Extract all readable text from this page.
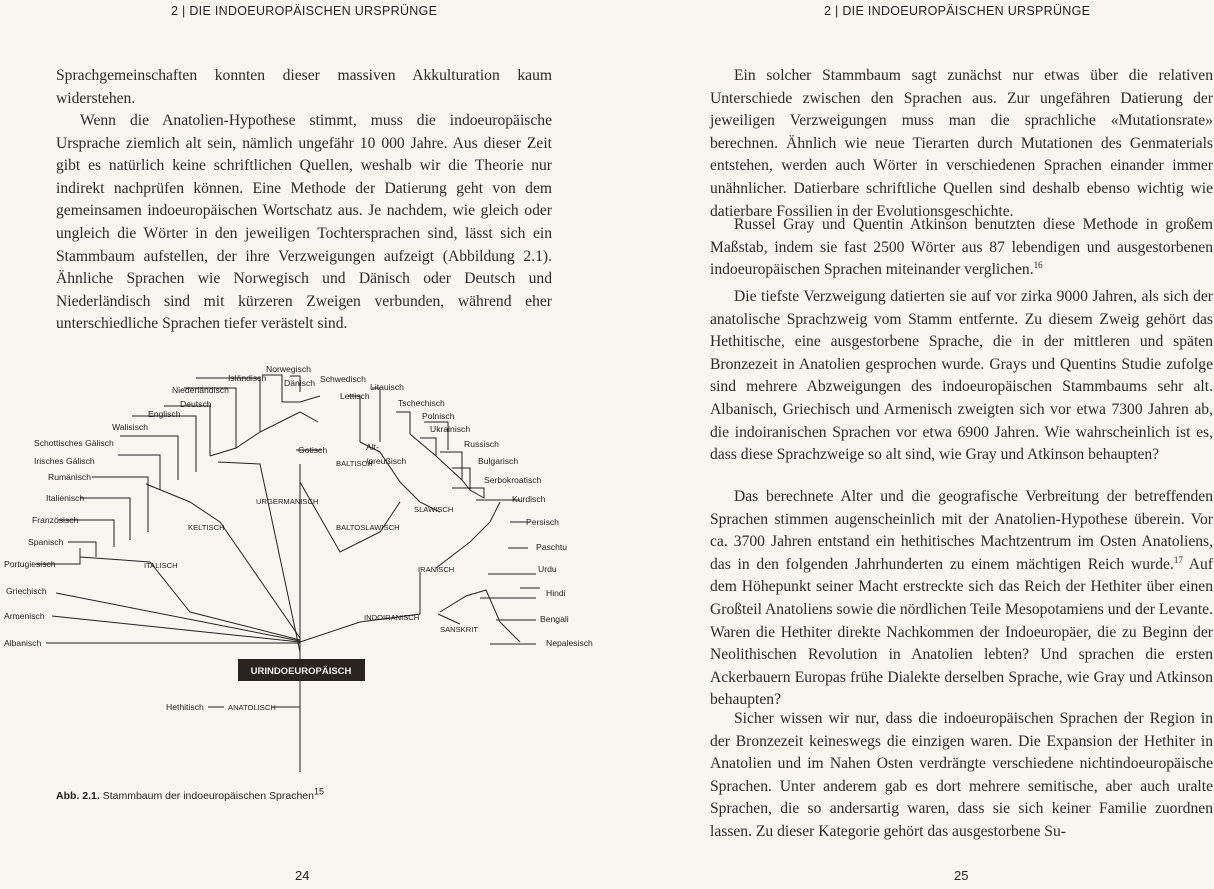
2 | DIE INDOEUROPÄISCHEN URSPRÜNGE

Sprachgemeinschaften konnten dieser massiven Akkulturation kaum widerstehen.

Wenn die Anatolien-Hypothese stimmt, muss die indoeuropäische Ursprache ziemlich alt sein, nämlich ungefähr 10 000 Jahre. Aus dieser Zeit gibt es natürlich keine schriftlichen Quellen, weshalb wir die Theorie nur indirekt nachprüfen können. Eine Methode der Datierung geht von dem gemeinsamen indoeuropäischen Wortschatz aus. Je nachdem, wie gleich oder ungleich die Wörter in den jeweiligen Tochtersprachen sind, lässt sich ein Stammbaum aufstellen, der ihre Verzweigungen aufzeigt (Abbildung 2.1). Ähnliche Sprachen wie Norwegisch und Dänisch oder Deutsch und Niederländisch sind mit kürzeren Zweigen verbunden, während eher unterschiedliche Sprachen tiefer verästelt sind.

URINDOEUROPÄISCH
URGERMANISCH
KELTISCH
ITALISCH
BALTOSLAWISCH
BALTISCH
SLAWISCH
INDOIRANISCH
IRANISCH
SANSKRIT
ANATOLISCH
Portugiesisch
Spanisch
Französisch
Italienisch
Rumänisch
Irisches Gälisch
Schottisches Gälisch
Walisisch
Englisch
Deutsch
Niederländisch
Isländisch
Norwegisch
Dänisch Schwedisch
Gotisch
Lettisch
Litauisch
Alt-
/preußisch
Tschechisch
Polnisch
Ukrainisch
Russisch
Bulgarisch
Serbokroatisch
Kurdisch
Persisch
Paschtu
Urdu
Hindi
Bengali
Nepalesisch
Griechisch
Armenisch
Albanisch
Hethitisch
Abb. 2.1. Stammbaum der indoeuropäischen Sprachen$^{15}$
24
2 | DIE INDOEUROPÄISCHEN URSPRÜNGE

Ein solcher Stammbaum sagt zunächst nur etwas über die relativen Unterschiede zwischen den Sprachen aus. Zur ungefähren Datierung der jeweiligen Verzweigungen muss man die sprachliche «Mutationsrate» berechnen. Ähnlich wie neue Tierarten durch Mutationen des Genmaterials entstehen, werden auch Wörter in verschiedenen Sprachen einander immer unähnlicher. Datierbare schriftliche Quellen sind deshalb ebenso wichtig wie datierbare Fossilien in der Evolutionsgeschichte.

Russel Gray und Quentin Atkinson benutzten diese Methode in großem Maßstab, indem sie fast 2500 Wörter aus 87 lebendigen und ausgestorbenen indoeuropäischen Sprachen miteinander verglichen.$^{16}$

Die tiefste Verzweigung datierten sie auf vor zirka 9000 Jahren, als sich der anatolische Sprachzweig vom Stamm entfernte. Zu diesem Zweig gehört das Hethitische, eine ausgestorbene Sprache, die in der mittleren und späten Bronzezeit in Anatolien gesprochen wurde. Grays und Quentins Studie zufolge sind mehrere Abzweigungen des indoeuropäischen Stammbaums sehr alt. Albanisch, Griechisch und Armenisch zweigten sich vor etwa 7300 Jahren ab, die indoiranischen Sprachen vor etwa 6900 Jahren. Wie wahrscheinlich ist es, dass diese Sprachzweige so alt sind, wie Gray und Atkinson behaupten?

Das berechnete Alter und die geografische Verbreitung der betreffenden Sprachen stimmen augenscheinlich mit der Anatolien-Hypothese überein. Vor ca. 3700 Jahren entstand ein hethitisches Machtzentrum im Osten Anatoliens, das in den folgenden Jahrhunderten zu einem mächtigen Reich wurde.$^{17}$ Auf dem Höhepunkt seiner Macht erstreckte sich das Reich der Hethiter über einen Großteil Anatoliens sowie die nördlichen Teile Mesopotamiens und der Levante. Waren die Hethiter direkte Nachkommen der Indoeuropäer, die zu Beginn der Neolithischen Revolution in Anatolien lebten? Und sprachen die ersten Ackerbauern Europas frühe Dialekte derselben Sprache, wie Gray und Atkinson behaupten?

Sicher wissen wir nur, dass die indoeuropäischen Sprachen der Region in der Bronzezeit keineswegs die einzigen waren. Die Expansion der Hethiter in Anatolien und im Nahen Osten verdrängte verschiedene nichtindoeuropäische Sprachen. Unter anderem gab es dort mehrere semitische, aber auch uralte Sprachen, die so andersartig waren, dass sie sich keiner Familie zuordnen lassen. Zu dieser Kategorie gehört das ausgestorbene Su-

25
